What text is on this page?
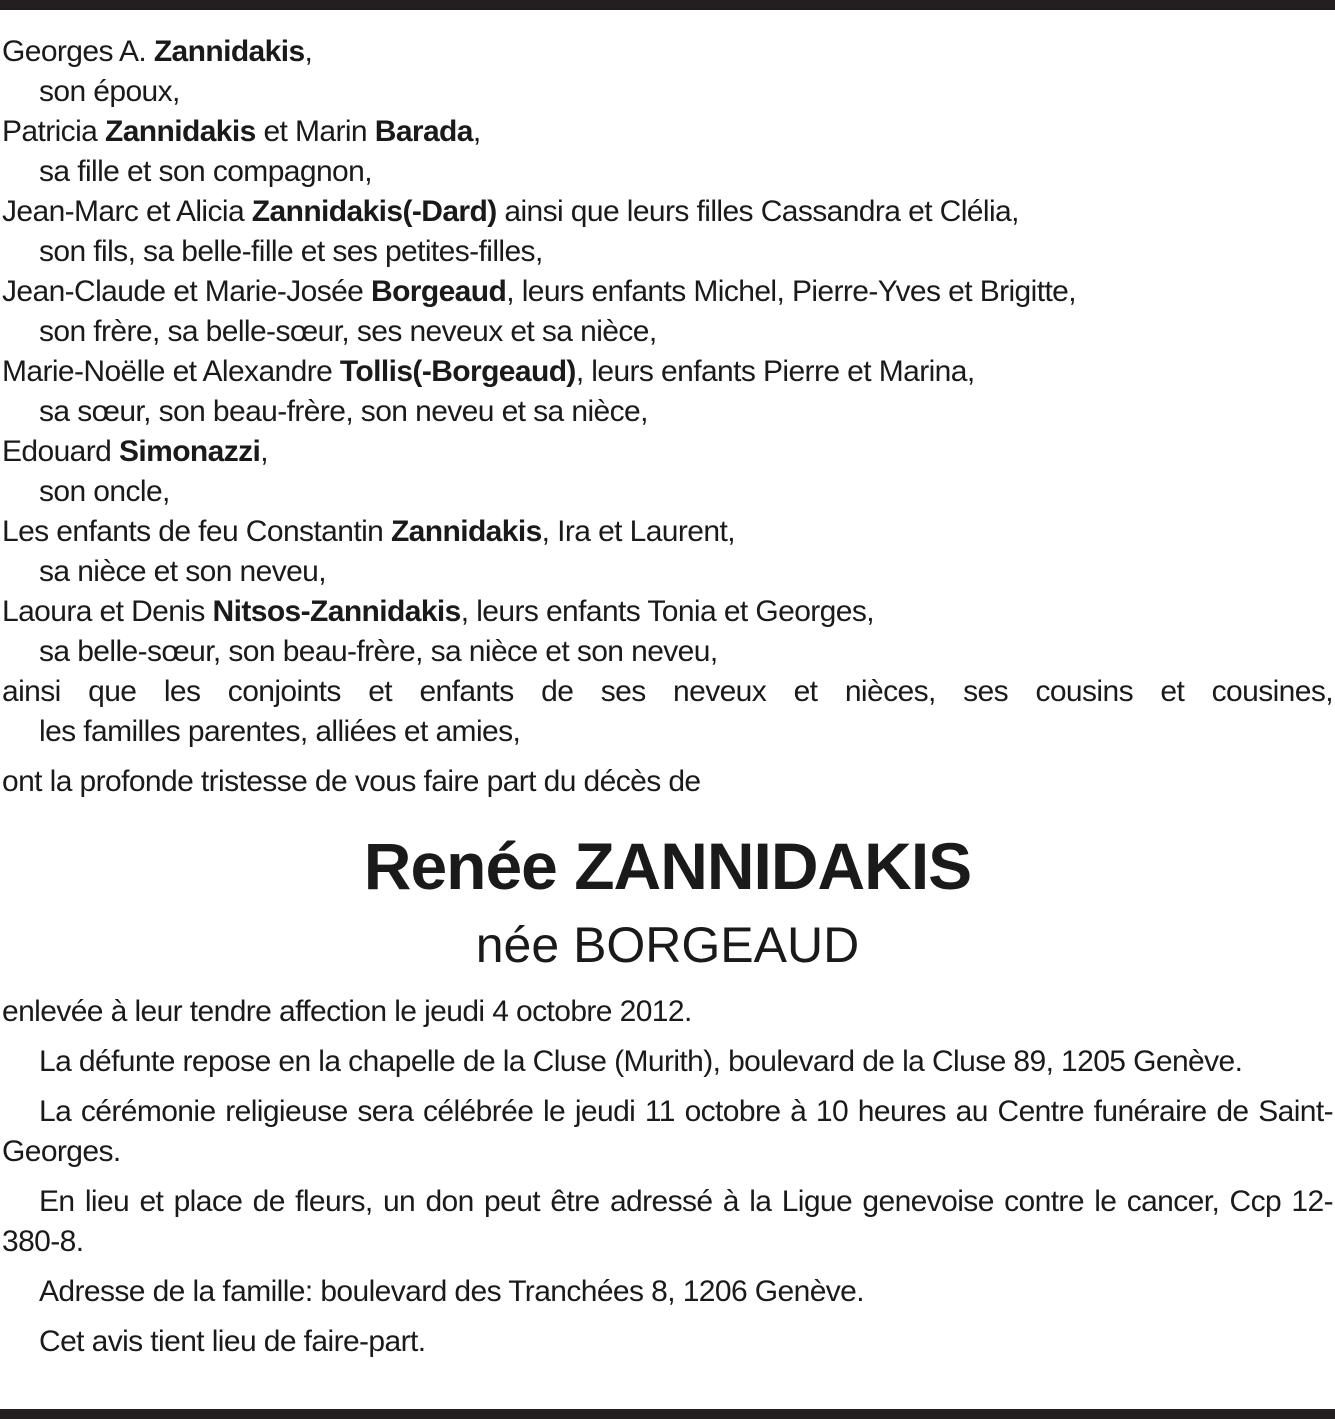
Georges A. Zannidakis,
son époux,
Patricia Zannidakis et Marin Barada,
sa fille et son compagnon,
Jean-Marc et Alicia Zannidakis(-Dard) ainsi que leurs filles Cassandra et Clélia,
son fils, sa belle-fille et ses petites-filles,
Jean-Claude et Marie-Josée Borgeaud, leurs enfants Michel, Pierre-Yves et Brigitte,
son frère, sa belle-sœur, ses neveux et sa nièce,
Marie-Noëlle et Alexandre Tollis(-Borgeaud), leurs enfants Pierre et Marina,
sa sœur, son beau-frère, son neveu et sa nièce,
Edouard Simonazzi,
son oncle,
Les enfants de feu Constantin Zannidakis, Ira et Laurent,
sa nièce et son neveu,
Laoura et Denis Nitsos-Zannidakis, leurs enfants Tonia et Georges,
sa belle-sœur, son beau-frère, sa nièce et son neveu,
ainsi que les conjoints et enfants de ses neveux et nièces, ses cousins et cousines,
les familles parentes, alliées et amies,
ont la profonde tristesse de vous faire part du décès de
Renée ZANNIDAKIS
née BORGEAUD
enlevée à leur tendre affection le jeudi 4 octobre 2012.
La défunte repose en la chapelle de la Cluse (Murith), boulevard de la Cluse 89, 1205 Genève.
La cérémonie religieuse sera célébrée le jeudi 11 octobre à 10 heures au Centre funéraire de Saint-Georges.
En lieu et place de fleurs, un don peut être adressé à la Ligue genevoise contre le cancer, Ccp 12-380-8.
Adresse de la famille: boulevard des Tranchées 8, 1206 Genève.
Cet avis tient lieu de faire-part.
